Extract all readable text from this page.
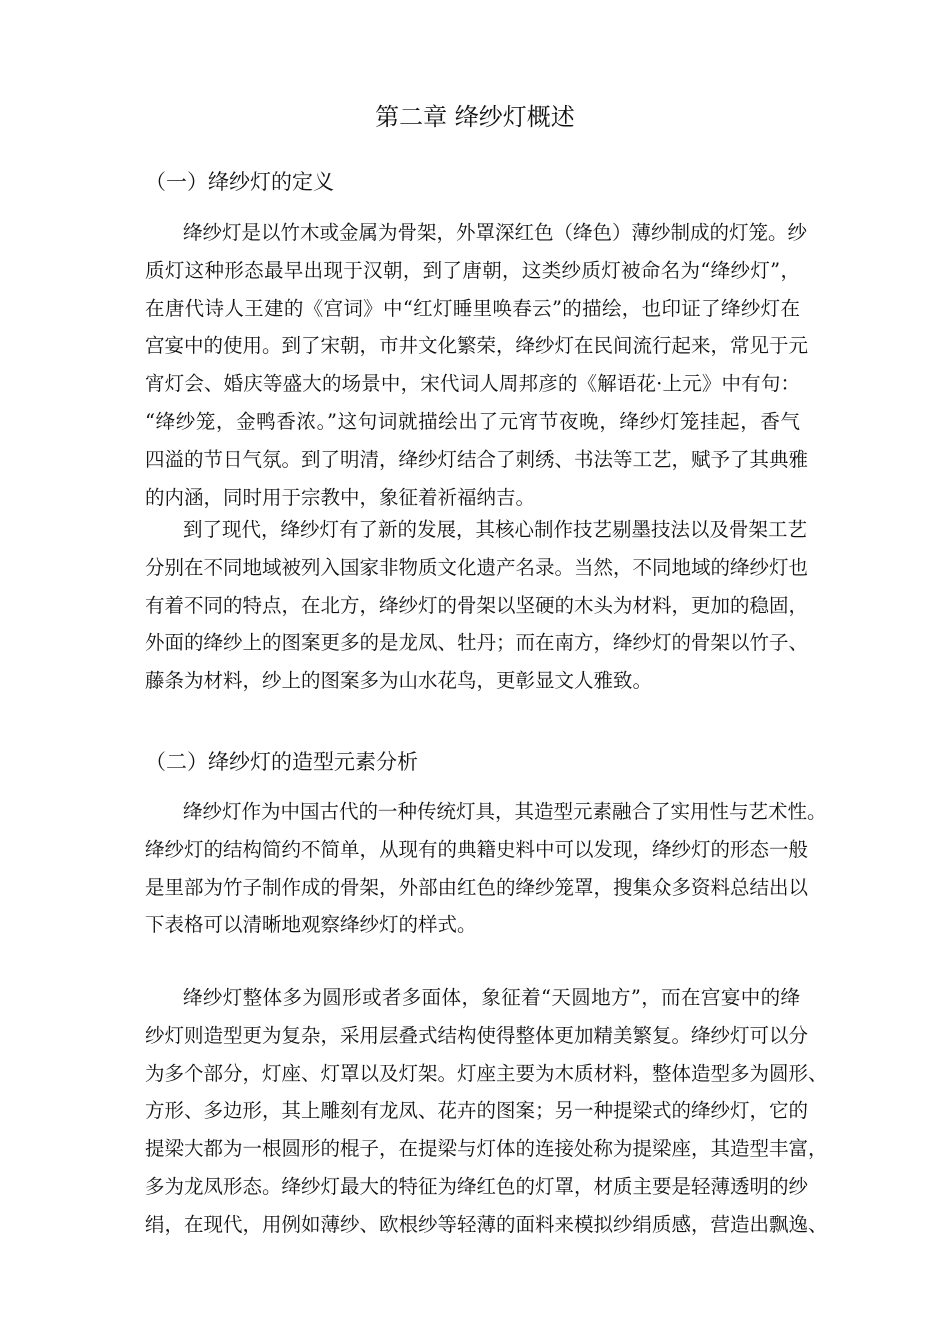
第二章 绛纱灯概述
（一）绛纱灯的定义
绛纱灯是以竹木或金属为骨架，外罩深红色（绛色）薄纱制成的灯笼。纱
质灯这种形态最早出现于汉朝，到了唐朝，这类纱质灯被命名为“绛纱灯”，
在唐代诗人王建的《宫词》中“红灯睡里唤春云”的描绘，也印证了绛纱灯在
宫宴中的使用。到了宋朝，市井文化繁荣，绛纱灯在民间流行起来，常见于元
宵灯会、婚庆等盛大的场景中，宋代词人周邦彦的《解语花·上元》中有句：
“绛纱笼，金鸭香浓。”这句词就描绘出了元宵节夜晚，绛纱灯笼挂起，香气
四溢的节日气氛。到了明清，绛纱灯结合了刺绣、书法等工艺，赋予了其典雅
的内涵，同时用于宗教中，象征着祈福纳吉。
到了现代，绛纱灯有了新的发展，其核心制作技艺剔墨技法以及骨架工艺
分别在不同地域被列入国家非物质文化遗产名录。当然，不同地域的绛纱灯也
有着不同的特点，在北方，绛纱灯的骨架以坚硬的木头为材料，更加的稳固，
外面的绛纱上的图案更多的是龙凤、牡丹；而在南方，绛纱灯的骨架以竹子、
藤条为材料，纱上的图案多为山水花鸟，更彰显文人雅致。
（二）绛纱灯的造型元素分析
绛纱灯作为中国古代的一种传统灯具，其造型元素融合了实用性与艺术性。
绛纱灯的结构简约不简单，从现有的典籍史料中可以发现，绛纱灯的形态一般
是里部为竹子制作成的骨架，外部由红色的绛纱笼罩，搜集众多资料总结出以
下表格可以清晰地观察绛纱灯的样式。
绛纱灯整体多为圆形或者多面体，象征着“天圆地方”，而在宫宴中的绛
纱灯则造型更为复杂，采用层叠式结构使得整体更加精美繁复。绛纱灯可以分
为多个部分，灯座、灯罩以及灯架。灯座主要为木质材料，整体造型多为圆形、
方形、多边形，其上雕刻有龙凤、花卉的图案；另一种提梁式的绛纱灯，它的
提梁大都为一根圆形的棍子，在提梁与灯体的连接处称为提梁座，其造型丰富，
多为龙凤形态。绛纱灯最大的特征为绛红色的灯罩，材质主要是轻薄透明的纱
绢，在现代，用例如薄纱、欧根纱等轻薄的面料来模拟纱绢质感，营造出飘逸、
